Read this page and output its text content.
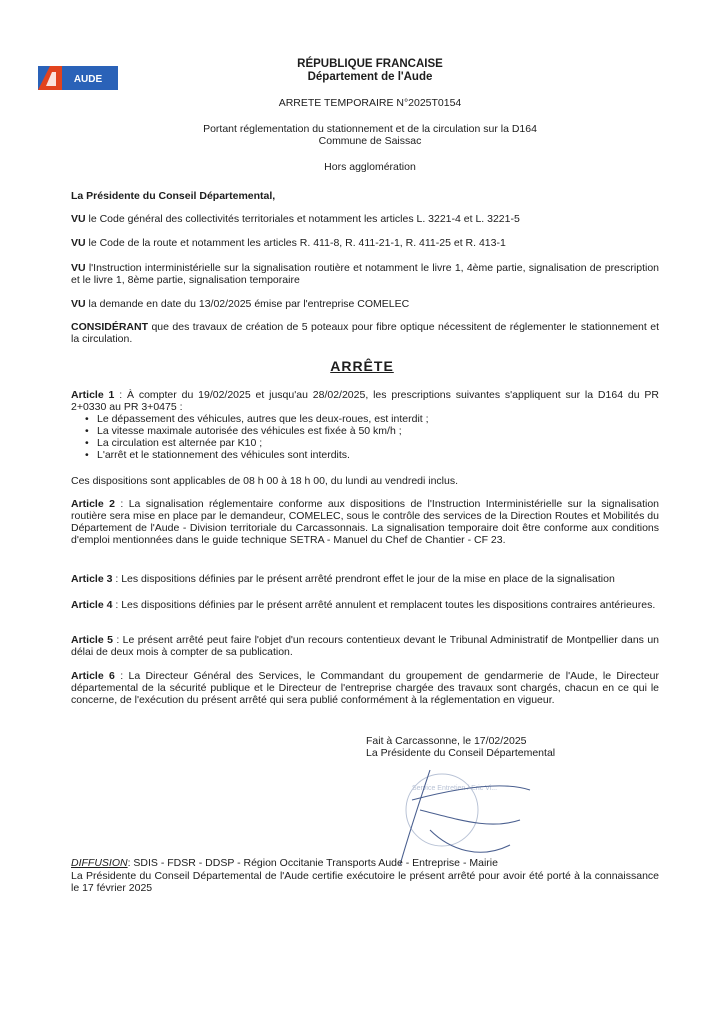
AUDE
RÉPUBLIQUE FRANCAISE
Département de l'Aude
ARRETE TEMPORAIRE N°2025T0154
Portant réglementation du stationnement et de la circulation sur la D164
Commune de Saissac
Hors agglomération
La Présidente du Conseil Départemental,
VU le Code général des collectivités territoriales et notamment les articles L. 3221-4 et L. 3221-5
VU le Code de la route et notamment les articles R. 411-8, R. 411-21-1, R. 411-25 et R. 413-1
VU l'Instruction interministérielle sur la signalisation routière et notamment le livre 1, 4ème partie, signalisation de prescription et le livre 1, 8ème partie, signalisation temporaire
VU la demande en date du 13/02/2025 émise par l'entreprise COMELEC
CONSIDÉRANT que des travaux de création de 5 poteaux pour fibre optique nécessitent de réglementer le stationnement et la circulation.
ARRÊTE
Article 1 : À compter du 19/02/2025 et jusqu'au 28/02/2025, les prescriptions suivantes s'appliquent sur la D164 du PR 2+0330 au PR 3+0475 :
• Le dépassement des véhicules, autres que les deux-roues, est interdit ;
• La vitesse maximale autorisée des véhicules est fixée à 50 km/h ;
• La circulation est alternée par K10 ;
• L'arrêt et le stationnement des véhicules sont interdits.
Ces dispositions sont applicables de 08 h 00 à 18 h 00, du lundi au vendredi inclus.
Article 2 : La signalisation réglementaire conforme aux dispositions de l'Instruction Interministérielle sur la signalisation routière sera mise en place par le demandeur, COMELEC, sous le contrôle des services de la Direction Routes et Mobilités du Département de l'Aude - Division territoriale du Carcassonnais. La signalisation temporaire doit être conforme aux conditions d'emploi mentionnées dans le guide technique SETRA - Manuel du Chef de Chantier - CF 23.
Article 3 : Les dispositions définies par le présent arrêté prendront effet le jour de la mise en place de la signalisation
Article 4 : Les dispositions définies par le présent arrêté annulent et remplacent toutes les dispositions contraires antérieures.
Article 5 : Le présent arrêté peut faire l'objet d'un recours contentieux devant le Tribunal Administratif de Montpellier dans un délai de deux mois à compter de sa publication.
Article 6 : La Directeur Général des Services, le Commandant du groupement de gendarmerie de l'Aude, le Directeur départemental de la sécurité publique et le Directeur de l'entreprise chargée des travaux sont chargés, chacun en ce qui le concerne, de l'exécution du présent arrêté qui sera publié conformément à la réglementation en vigueur.
Fait à Carcassonne, le 17/02/2025
La Présidente du Conseil Départemental
Service Entretien / Eric Vi...
DIFFUSION: SDIS - FDSR - DDSP - Région Occitanie Transports Aude - Entreprise - Mairie
La Présidente du Conseil Départemental de l'Aude certifie exécutoire le présent arrêté pour avoir été porté à la connaissance le 17 février 2025
